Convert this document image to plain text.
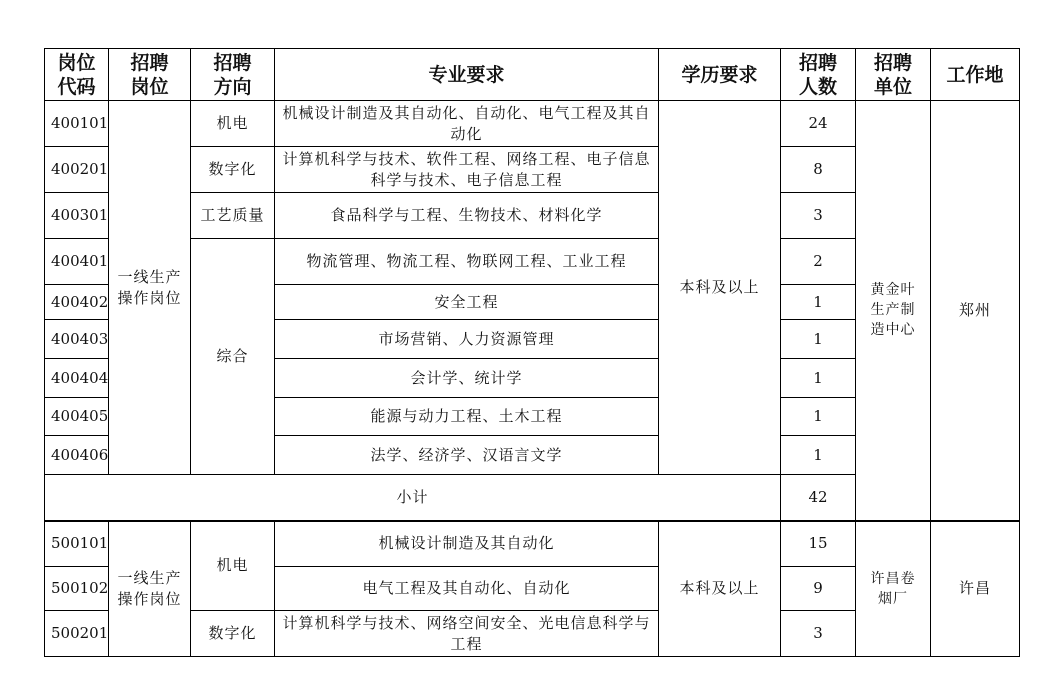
岗位代码	招聘岗位	招聘方向	专业要求	学历要求	招聘人数	招聘单位	工作地
400101	一线生产操作岗位	机电	机械设计制造及其自动化、自动化、电气工程及其自动化	本科及以上	24	黄金叶生产制造中心	郑州
400201		数字化	计算机科学与技术、软件工程、网络工程、电子信息科学与技术、电子信息工程		8		
400301		工艺质量	食品科学与工程、生物技术、材料化学		3		
400401		综合	物流管理、物流工程、物联网工程、工业工程		2		
400402			安全工程		1		
400403			市场营销、人力资源管理		1		
400404			会计学、统计学		1		
400405			能源与动力工程、土木工程		1		
400406			法学、经济学、汉语言文学		1		
小计					42		
500101	一线生产操作岗位	机电	机械设计制造及其自动化	本科及以上	15	许昌卷烟厂	许昌
500102			电气工程及其自动化、自动化		9		
500201		数字化	计算机科学与技术、网络空间安全、光电信息科学与工程		3		
